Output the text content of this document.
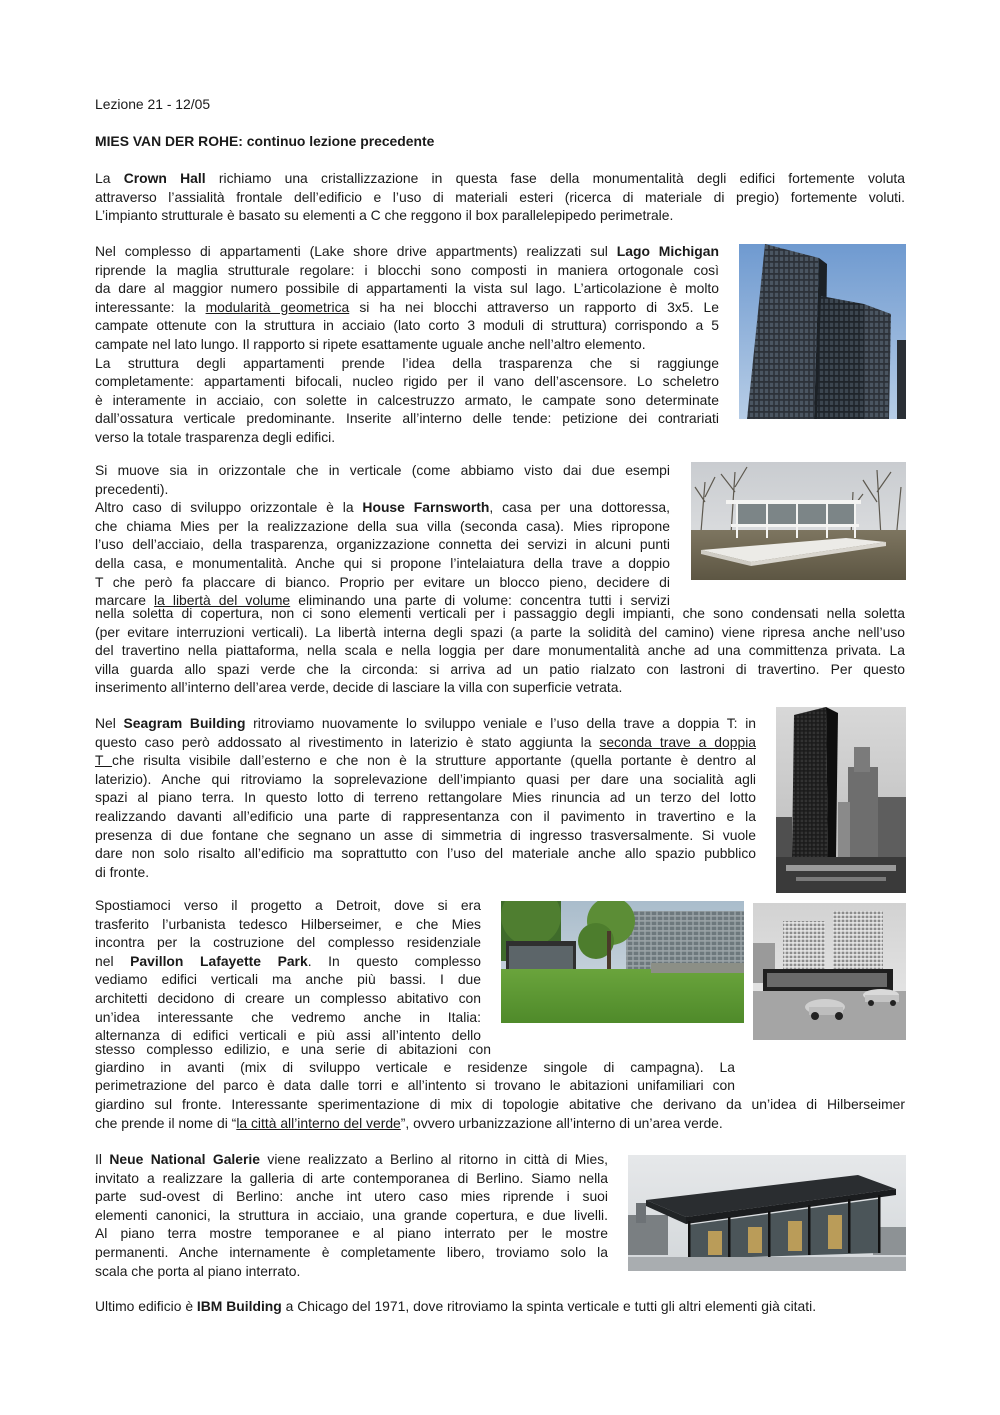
Lezione 21 - 12/05
MIES VAN DER ROHE: continuo lezione precedente
La Crown Hall richiamo una cristallizzazione in questa fase della monumentalità degli edifici fortemente voluta
attraverso l’assialità frontale dell’edificio e l’uso di materiali esteri (ricerca di materiale di pregio) fortemente voluti.
L’impianto strutturale è basato su elementi a C che reggono il box parallelepipedo perimetrale.
Nel complesso di appartamenti (Lake shore drive appartments) realizzati sul Lago Michigan
riprende la maglia strutturale regolare: i blocchi sono composti in maniera ortogonale così
da dare al maggior numero possibile di appartamenti la vista sul lago. L’articolazione è molto
interessante: la modularità geometrica si ha nei blocchi attraverso un rapporto di 3x5. Le
campate ottenute con la struttura in acciaio (lato corto 3 moduli di struttura) corrispondo a 5
campate nel lato lungo. Il rapporto si ripete esattamente uguale anche nell’altro elemento.
La struttura degli appartamenti prende l’idea della trasparenza che si raggiunge
completamente: appartamenti bifocali, nucleo rigido per il vano dell’ascensore. Lo scheletro
è interamente in acciaio, con solette in calcestruzzo armato, le campate sono determinate
dall’ossatura verticale predominante. Inserite all’interno delle tende: petizione dei contrariati
verso la totale trasparenza degli edifici.
Si muove sia in orizzontale che in verticale (come abbiamo visto dai due esempi
precedenti).
Altro caso di sviluppo orizzontale è la House Farnsworth, casa per una dottoressa,
che chiama Mies per la realizzazione della sua villa (seconda casa). Mies ripropone
l’uso dell’acciaio, della trasparenza, organizzazione connetta dei servizi in alcuni punti
della casa, e monumentalità. Anche qui si propone l’intelaiatura della trave a doppio
T che però fa placcare di bianco. Proprio per evitare un blocco pieno, decidere di
marcare la libertà del volume eliminando una parte di volume: concentra tutti i servizi
nella soletta di copertura, non ci sono elementi verticali per i passaggio degli impianti, che sono condensati nella soletta
(per evitare interruzioni verticali). La libertà interna degli spazi (a parte la solidità del camino) viene ripresa anche nell’uso
del travertino nella piattaforma, nella scala e nella loggia per dare monumentalità anche ad una committenza privata. La
villa guarda allo spazi verde che la circonda: si arriva ad un patio rialzato con lastroni di travertino. Per questo
inserimento all’interno dell’area verde, decide di lasciare la villa con superficie vetrata.
Nel Seagram Building ritroviamo nuovamente lo sviluppo veniale e l’uso della trave a doppia T: in
questo caso però addossato al rivestimento in laterizio è stato aggiunta la seconda trave a doppia
T che risulta visibile dall’esterno e che non è la strutture apportante (quella portante è dentro al
laterizio). Anche qui ritroviamo la soprelevazione dell’impianto quasi per dare una socialità agli
spazi al piano terra. In questo lotto di terreno rettangolare Mies rinuncia ad un terzo del lotto
realizzando davanti all’edificio una parte di rappresentanza con il pavimento in travertino e la
presenza di due fontane che segnano un asse di simmetria di ingresso trasversalmente. Si vuole
dare non solo risalto all’edificio ma soprattutto con l’uso del materiale anche allo spazio pubblico
di fronte.
Spostiamoci verso il progetto a Detroit, dove si era
trasferito l’urbanista tedesco Hilberseimer, e che Mies
incontra per la costruzione del complesso residenziale
nel Pavillon Lafayette Park. In questo complesso
vediamo edifici verticali ma anche più bassi. I due
architetti decidono di creare un complesso abitativo con
un’idea interessante che vedremo anche in Italia:
alternanza di edifici verticali e più assi all’intento dello
stesso complesso edilizio, e una serie di abitazioni con
giardino in avanti (mix di sviluppo verticale e residenze singole di campagna). La
perimetrazione del parco è data dalle torri e all’intento si trovano le abitazioni unifamiliari con
giardino sul fronte. Interessante sperimentazione di mix di topologie abitative che derivano da un’idea di Hilberseimer
che prende il nome di “la città all’interno del verde”, ovvero urbanizzazione all’interno di un’area verde.
Il Neue National Galerie viene realizzato a Berlino al ritorno in città di Mies,
invitato a realizzare la galleria di arte contemporanea di Berlino. Siamo nella
parte sud-ovest di Berlino: anche int utero caso mies riprende i suoi
elementi canonici, la struttura in acciaio, una grande copertura, e due livelli.
Al piano terra mostre temporanee e al piano interrato per le mostre
permanenti. Anche internamente è completamente libero, troviamo solo la
scala che porta al piano interrato.
Ultimo edificio è IBM Building a Chicago del 1971, dove ritroviamo la spinta verticale e tutti gli altri elementi già citati.
